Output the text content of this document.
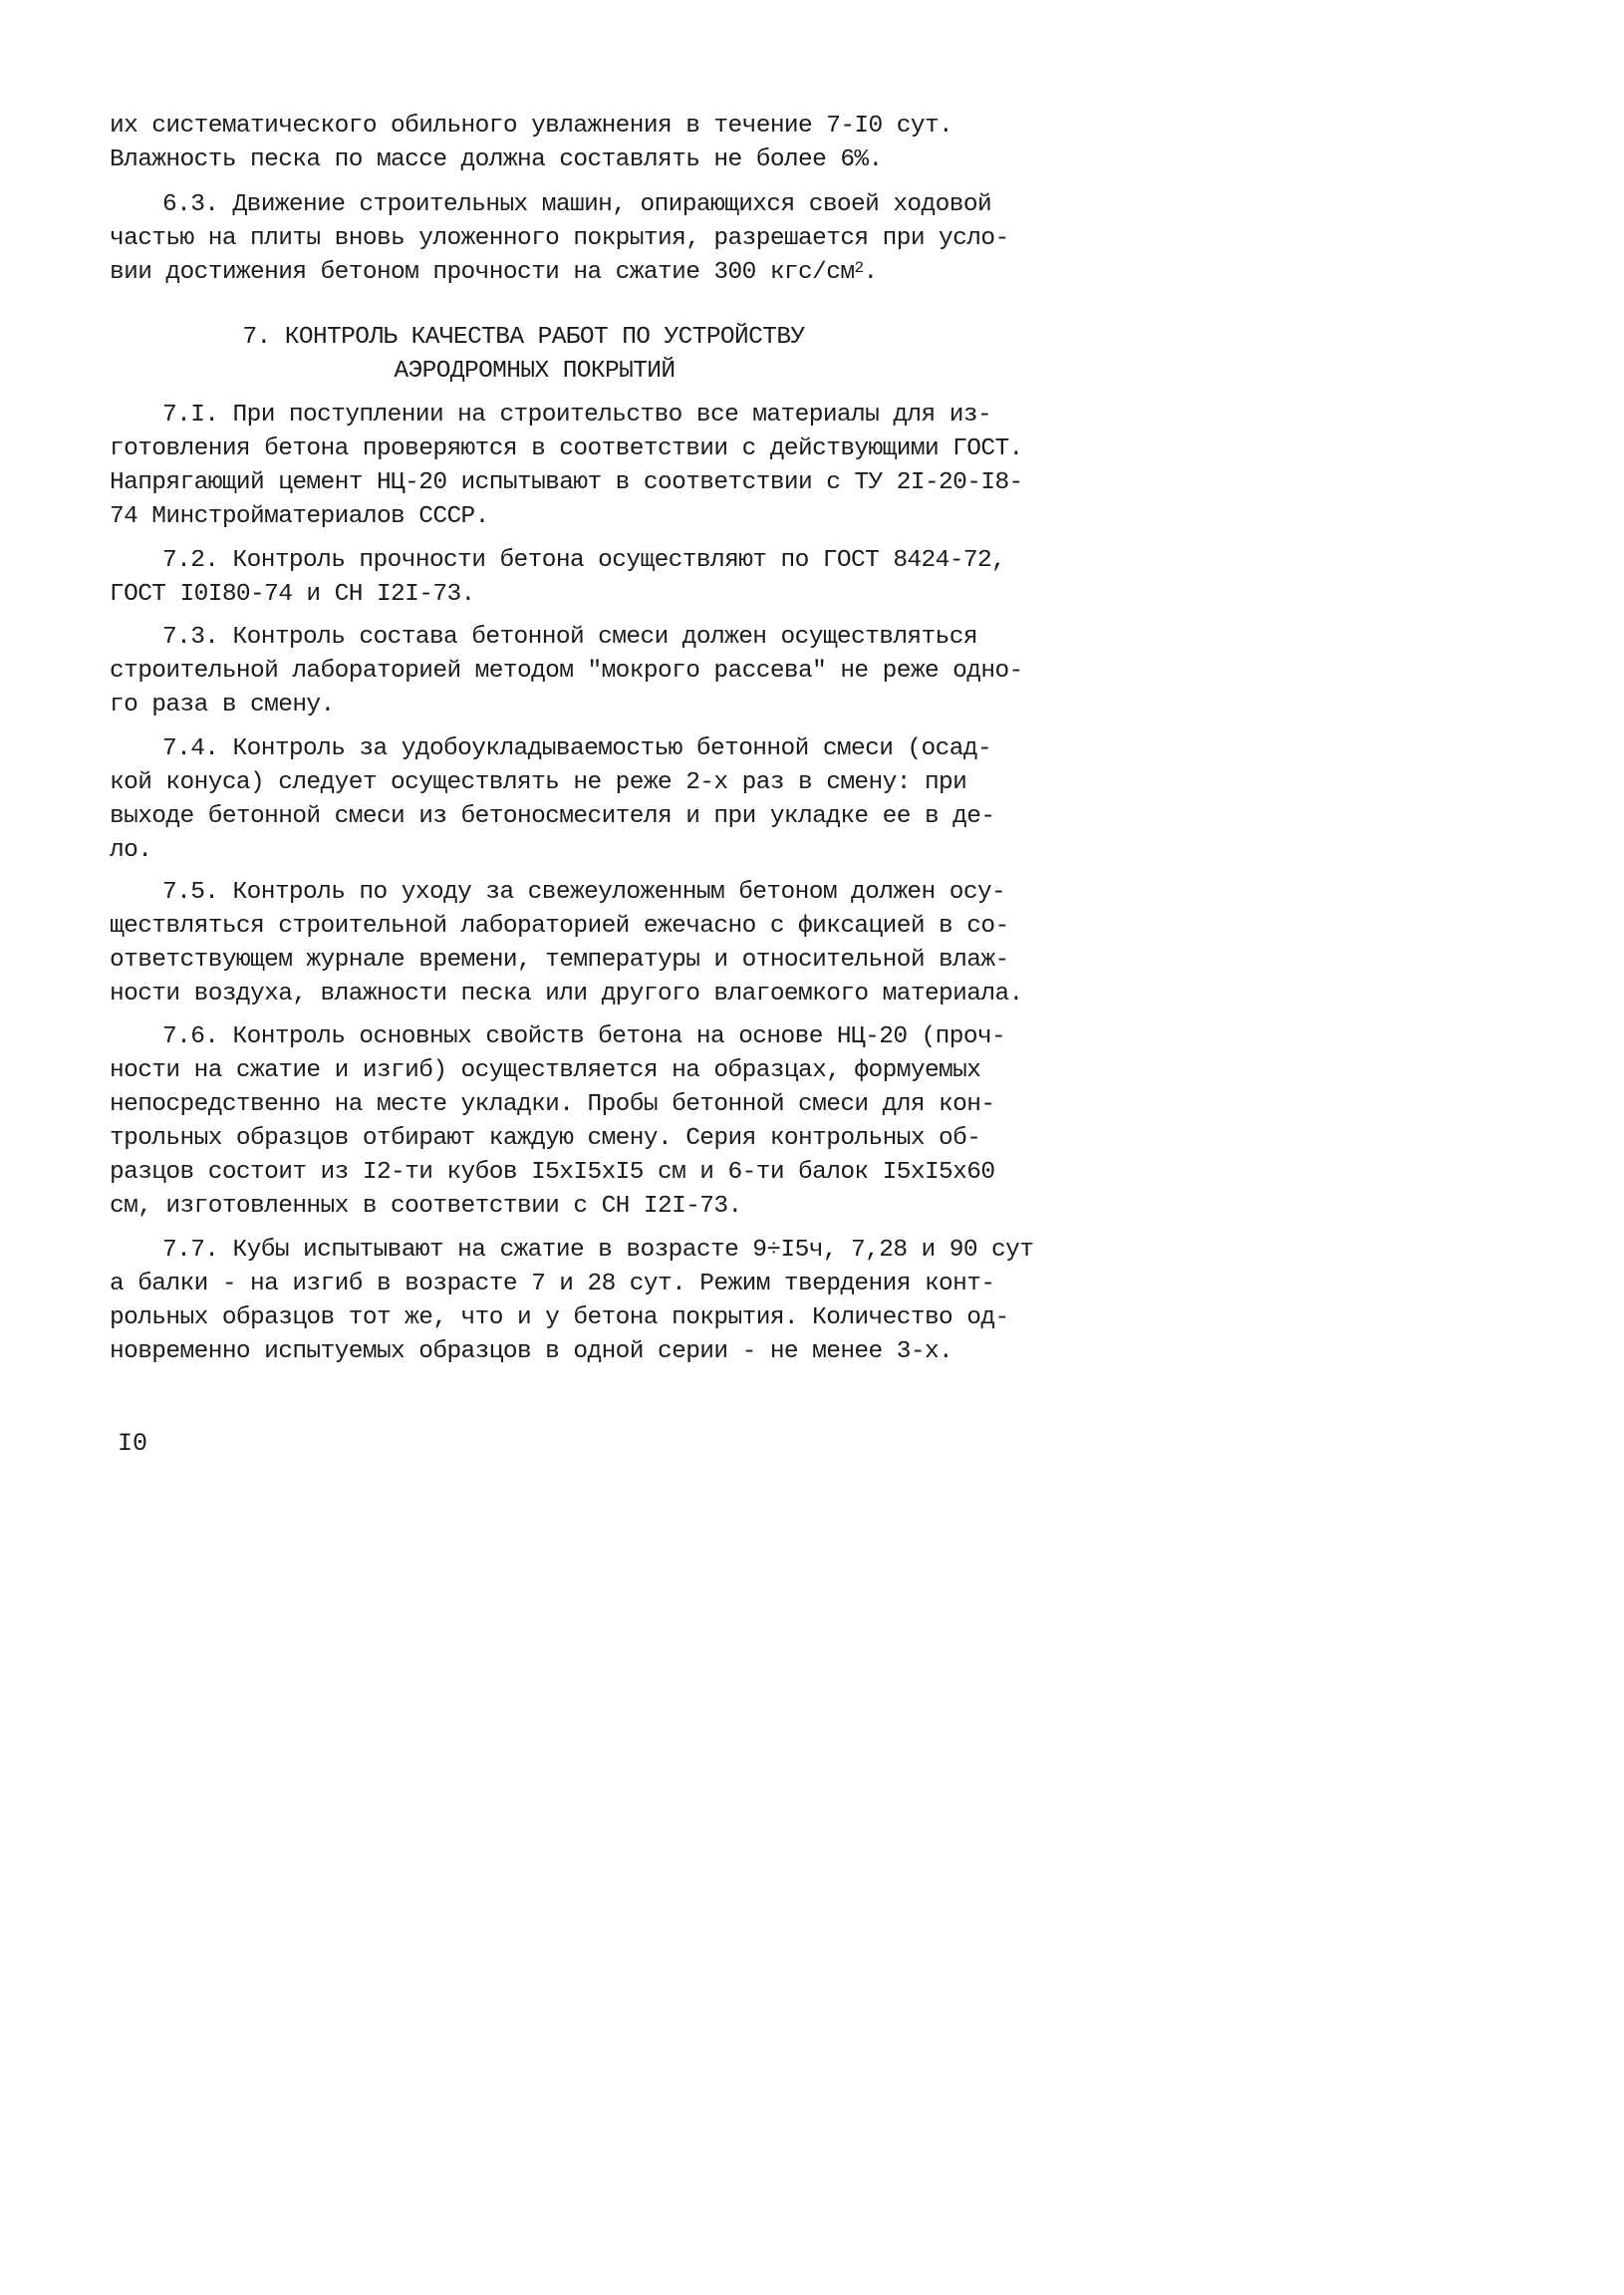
их систематического обильного увлажнения в течение 7-I0 сут.
Влажность песка по массе должна составлять не более 6%.
6.3. Движение строительных машин, опирающихся своей ходовой
частью на плиты вновь уложенного покрытия, разрешается при усло-
вии достижения бетоном прочности на сжатие 300 кгс/$см^2$.
7. КОНТРОЛЬ КАЧЕСТВА РАБОТ ПО УСТРОЙСТВУ
АЭРОДРОМНЫХ ПОКРЫТИЙ
7.I. При поступлении на строительство все материалы для из-
готовления бетона проверяются в соответствии с действующими ГОСТ.
Напрягающий цемент НЦ-20 испытывают в соответствии с ТУ 2I-20-I8-
74 Минстройматериалов СССР.
7.2. Контроль прочности бетона осуществляют по ГОСТ 8424-72,
ГОСТ I0I80-74 и СН I2I-73.
7.3. Контроль состава бетонной смеси должен осуществляться
строительной лабораторией методом "мокрого рассева" не реже одно-
го раза в смену.
7.4. Контроль за удобоукладываемостью бетонной смеси (осад-
кой конуса) следует осуществлять не реже 2-х раз в смену: при
выходе бетонной смеси из бетоносмесителя и при укладке ее в де-
ло.
7.5. Контроль по уходу за свежеуложенным бетоном должен осу-
ществляться строительной лабораторией ежечасно с фиксацией в со-
ответствующем журнале времени, температуры и относительной влаж-
ности воздуха, влажности песка или другого влагоемкого материала.
7.6. Контроль основных свойств бетона на основе НЦ-20 (проч-
ности на сжатие и изгиб) осуществляется на образцах, формуемых
непосредственно на месте укладки. Пробы бетонной смеси для кон-
трольных образцов отбирают каждую смену. Серия контрольных об-
разцов состоит из I2-ти кубов I5xI5xI5 см и 6-ти балок I5xI5x60
см, изготовленных в соответствии с СН I2I-73.
7.7. Кубы испытывают на сжатие в возрасте 9÷I5ч, 7,28 и 90 сут
а балки - на изгиб в возрасте 7 и 28 сут. Режим твердения конт-
рольных образцов тот же, что и у бетона покрытия. Количество од-
новременно испытуемых образцов в одной серии - не менее 3-х.
I0
